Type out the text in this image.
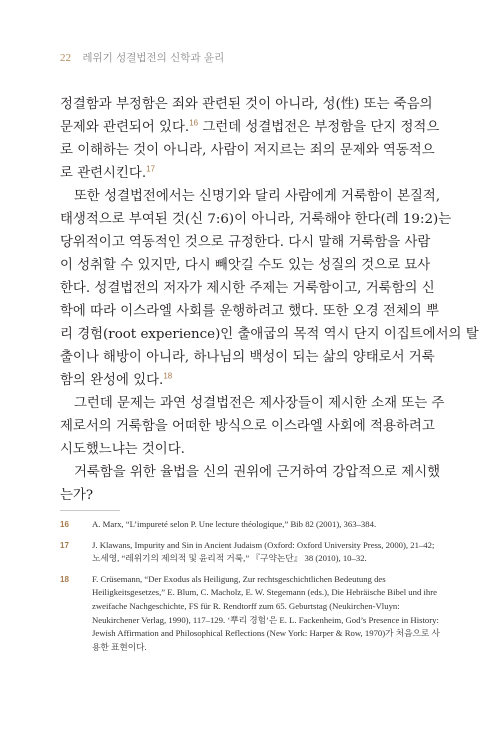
22 레위기 성결법전의 신학과 윤리

정결함과 부정함은 죄와 관련된 것이 아니라, 성(性) 또는 죽음의
문제와 관련되어 있다.$^{16}$ 그런데 성결법전은 부정함을 단지 정적으
로 이해하는 것이 아니라, 사람이 저지르는 죄의 문제와 역동적으
로 관련시킨다.$^{17}$

또한 성결법전에서는 신명기와 달리 사람에게 거룩함이 본질적,
태생적으로 부여된 것(신 7:6)이 아니라, 거룩해야 한다(레 19:2)는
당위적이고 역동적인 것으로 규정한다. 다시 말해 거룩함을 사람
이 성취할 수 있지만, 다시 빼앗길 수도 있는 성질의 것으로 묘사
한다. 성결법전의 저자가 제시한 주제는 거룩함이고, 거룩함의 신
학에 따라 이스라엘 사회를 운행하려고 했다. 또한 오경 전체의 뿌
리 경험(root experience)인 출애굽의 목적 역시 단지 이집트에서의 탈
출이나 해방이 아니라, 하나님의 백성이 되는 삶의 양태로서 거룩
함의 완성에 있다.$^{18}$

그런데 문제는 과연 성결법전은 제사장들이 제시한 소재 또는 주
제로서의 거룩함을 어떠한 방식으로 이스라엘 사회에 적용하려고
시도했느냐는 것이다.

거룩함을 위한 율법을 신의 권위에 근거하여 강압적으로 제시했
는가?

16	A. Marx, “L’impureté selon P. Une lecture théologique,” Bib 82 (2001), 363–384.
17	J. Klawans, Impurity and Sin in Ancient Judaism (Oxford: Oxford University Press, 2000), 21–42; 노세영, “레위기의 제의적 및 윤리적 거룩,” 『구약논단』 38 (2010), 10–32.
18	F. Crüsemann, “Der Exodus als Heiligung, Zur rechtsgeschichtlichen Bedeutung des Heiligkeitsgesetzes,” E. Blum, C. Macholz, E. W. Stegemann (eds.), Die Hebräische Bibel und ihre zweifache Nachgeschichte, FS für R. Rendtorff zum 65. Geburtstag (Neukirchen-Vluyn: Neukirchener Verlag, 1990), 117–129. ‘뿌리 경험’은 E. L. Fackenheim, God’s Presence in History: Jewish Affirmation and Philosophical Reflections (New York: Harper & Row, 1970)가 처음으로 사용한 표현이다.
